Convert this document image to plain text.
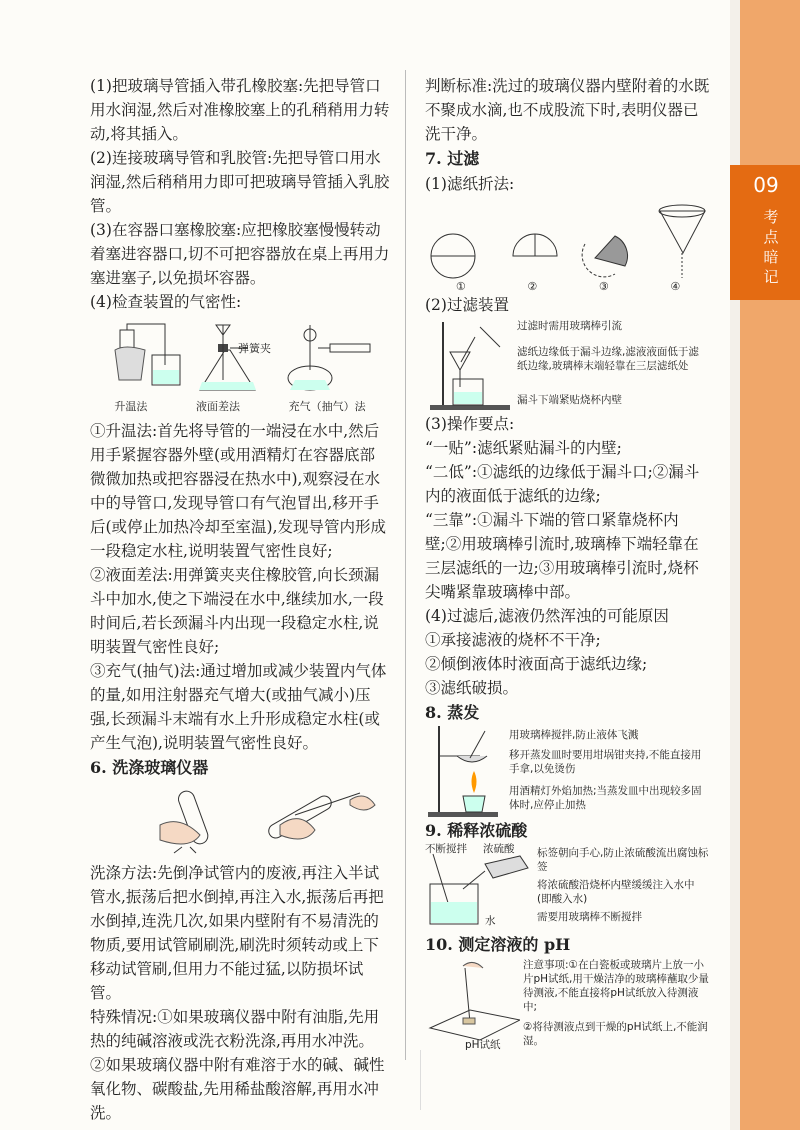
(1)把玻璃导管插入带孔橡胶塞:先把导管口用水润湿,然后对准橡胶塞上的孔稍稍用力转动,将其插入。

(2)连接玻璃导管和乳胶管:先把导管口用水润湿,然后稍稍用力即可把玻璃导管插入乳胶管。

(3)在容器口塞橡胶塞:应把橡胶塞慢慢转动着塞进容器口,切不可把容器放在桌上再用力塞进塞子,以免损坏容器。

(4)检查装置的气密性:

弹簧夹
升温法	液面差法	充气（抽气）法

①升温法:首先将导管的一端浸在水中,然后用手紧握容器外壁(或用酒精灯在容器底部微微加热或把容器浸在热水中),观察浸在水中的导管口,发现导管口有气泡冒出,移开手后(或停止加热冷却至室温),发现导管内形成一段稳定水柱,说明装置气密性良好;

②液面差法:用弹簧夹夹住橡胶管,向长颈漏斗中加水,使之下端浸在水中,继续加水,一段时间后,若长颈漏斗内出现一段稳定水柱,说明装置气密性良好;

③充气(抽气)法:通过增加或减少装置内气体的量,如用注射器充气增大(或抽气减小)压强,长颈漏斗末端有水上升形成稳定水柱(或产生气泡),说明装置气密性良好。

6. 洗涤玻璃仪器

洗涤方法:先倒净试管内的废液,再注入半试管水,振荡后把水倒掉,再注入水,振荡后再把水倒掉,连洗几次,如果内壁附有不易清洗的物质,要用试管刷刷洗,刷洗时须转动或上下移动试管刷,但用力不能过猛,以防损坏试管。

特殊情况:①如果玻璃仪器中附有油脂,先用热的纯碱溶液或洗衣粉洗涤,再用水冲洗。

②如果玻璃仪器中附有难溶于水的碱、碱性氧化物、碳酸盐,先用稀盐酸溶解,再用水冲洗。

判断标准:洗过的玻璃仪器内壁附着的水既不聚成水滴,也不成股流下时,表明仪器已洗干净。

7. 过滤

(1)滤纸折法:

①	②	③	④

(2)过滤装置

过滤时需用玻璃棒引流
滤纸边缘低于漏斗边缘,滤液液面低于滤纸边缘,玻璃棒末端轻靠在三层滤纸处
漏斗下端紧贴烧杯内壁

(3)操作要点:

“一贴”:滤纸紧贴漏斗的内壁;

“二低”:①滤纸的边缘低于漏斗口;②漏斗内的液面低于滤纸的边缘;

“三靠”:①漏斗下端的管口紧靠烧杯内壁;②用玻璃棒引流时,玻璃棒下端轻靠在三层滤纸的一边;③用玻璃棒引流时,烧杯尖嘴紧靠玻璃棒中部。

(4)过滤后,滤液仍然浑浊的可能原因

①承接滤液的烧杯不干净;

②倾倒液体时液面高于滤纸边缘;

③滤纸破损。

8. 蒸发
用玻璃棒搅拌,防止液体飞溅
移开蒸发皿时要用坩埚钳夹持,不能直接用手拿,以免烫伤
用酒精灯外焰加热;当蒸发皿中出现较多固体时,应停止加热
9. 稀释浓硫酸
不断搅拌 浓硫酸
水
标签朝向手心,防止浓硫酸流出腐蚀标签
将浓硫酸沿烧杯内壁缓缓注入水中(即酸入水)
需要用玻璃棒不断搅拌
10. 测定溶液的 pH
pH试纸
注意事项:①在白瓷板或玻璃片上放一小片pH试纸,用干燥洁净的玻璃棒蘸取少量待测液,不能直接将pH试纸放入待测液中;
②将待测液点到干燥的pH试纸上,不能润湿。
09
考点暗记
